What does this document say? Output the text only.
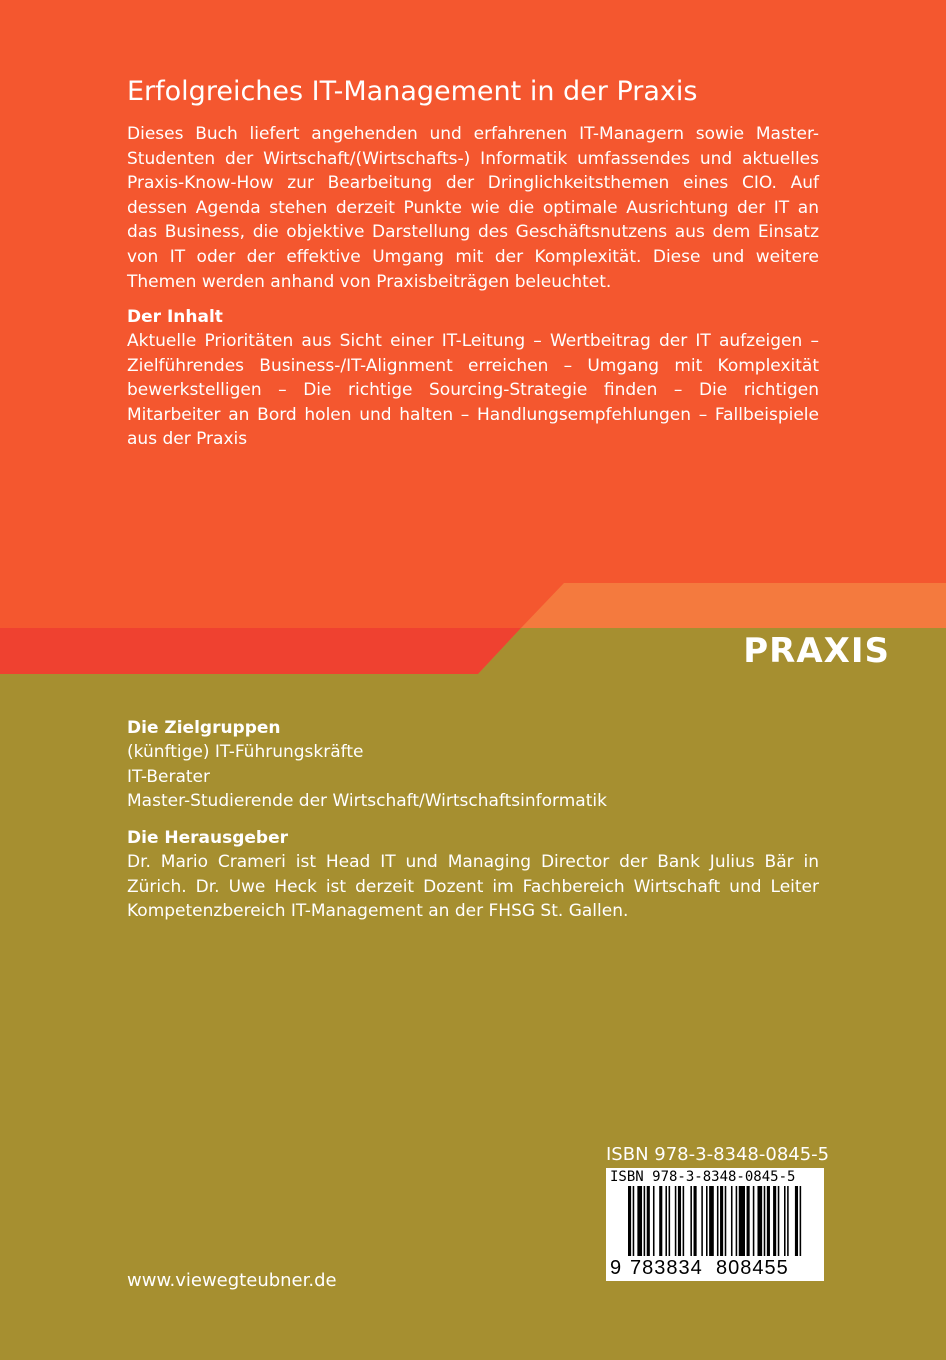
Erfolgreiches IT-Management in der Praxis
Dieses Buch liefert angehenden und erfahrenen IT-Managern sowie Master-Studenten der Wirtschaft/(Wirtschafts-) Informatik umfassendes und aktuelles Praxis-Know-How zur Bearbeitung der Dringlichkeitsthemen eines CIO. Auf dessen Agenda stehen derzeit Punkte wie die optimale Ausrichtung der IT an das Business, die objektive Darstellung des Geschäftsnutzens aus dem Einsatz von IT oder der effektive Umgang mit der Komplexität. Diese und weitere Themen werden anhand von Praxisbeiträgen beleuchtet.
Der Inhalt
Aktuelle Prioritäten aus Sicht einer IT-Leitung – Wertbeitrag der IT aufzeigen – Zielführendes Business-/IT-Alignment erreichen – Umgang mit Komplexität bewerkstelligen – Die richtige Sourcing-Strategie finden – Die richtigen Mitarbeiter an Bord holen und halten – Handlungsempfehlungen – Fallbeispiele aus der Praxis
PRAXIS
Die Zielgruppen
(künftige) IT-Führungskräfte
IT-Berater
Master-Studierende der Wirtschaft/Wirtschaftsinformatik
Die Herausgeber
Dr. Mario Crameri ist Head IT und Managing Director der Bank Julius Bär in Zürich. Dr. Uwe Heck ist derzeit Dozent im Fachbereich Wirtschaft und Leiter Kompetenzbereich IT-Management an der FHSG St. Gallen.
ISBN 978-3-8348-0845-5
ISBN 978-3-8348-0845-5
9 783834 808455
www.viewegteubner.de
